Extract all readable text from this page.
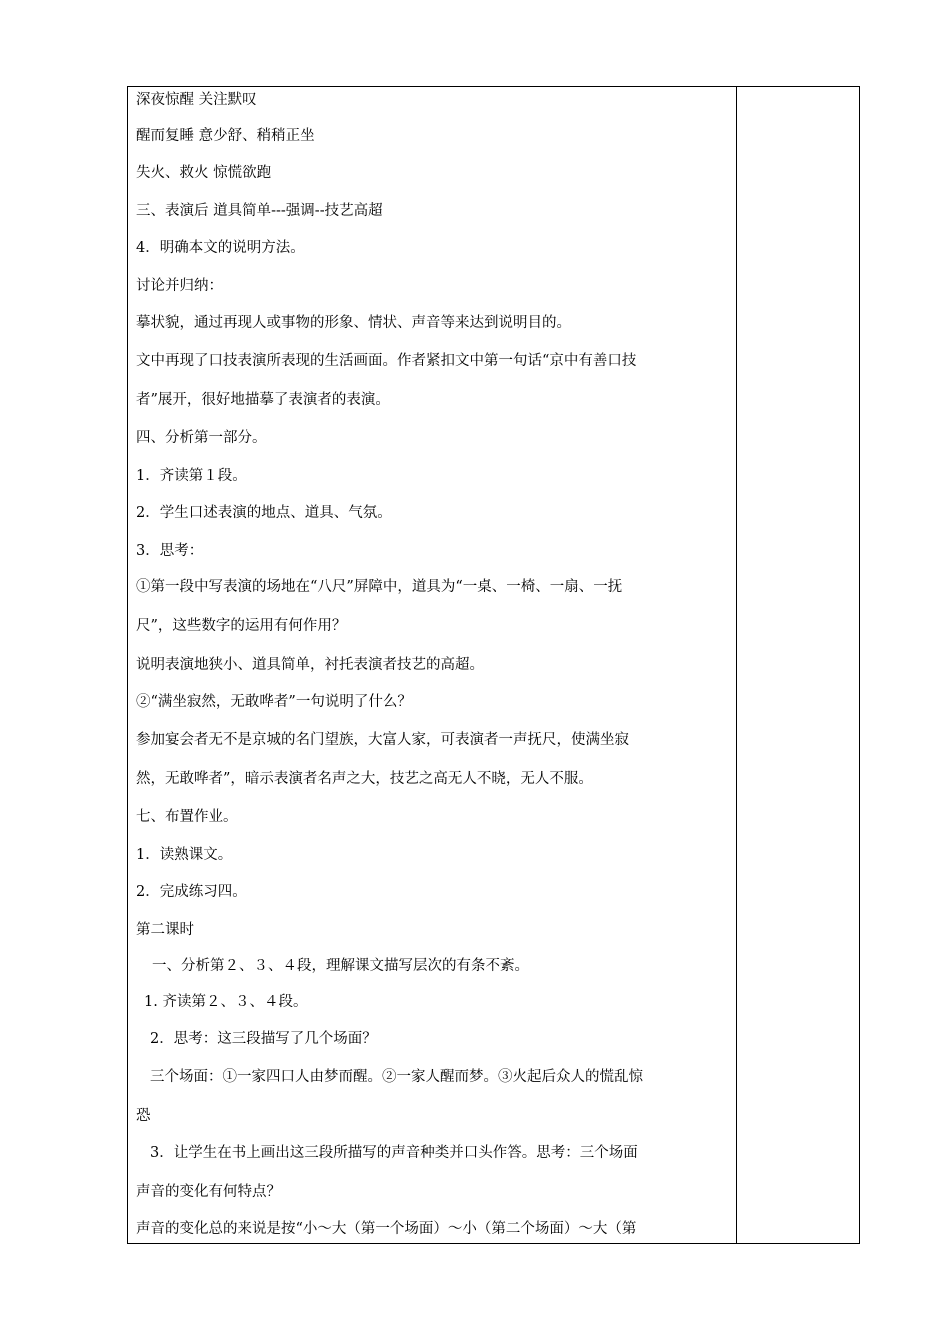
深夜惊醒 关注默叹
醒而复睡 意少舒、稍稍正坐
失火、救火 惊慌欲跑
三、表演后 道具简单---强调--技艺高超
4．明确本文的说明方法。
讨论并归纳：
摹状貌，通过再现人或事物的形象、情状、声音等来达到说明目的。
文中再现了口技表演所表现的生活画面。作者紧扣文中第一句话“京中有善口技
者”展开，很好地描摹了表演者的表演。
四、分析第一部分。
1．齐读第１段。
2．学生口述表演的地点、道具、气氛。
3．思考：
①第一段中写表演的场地在“八尺”屏障中，道具为“一桌、一椅、一扇、一抚
尺”，这些数字的运用有何作用？
说明表演地狭小、道具简单，衬托表演者技艺的高超。
②“满坐寂然，无敢哗者”一句说明了什么？
参加宴会者无不是京城的名门望族，大富人家，可表演者一声抚尺，使满坐寂
然，无敢哗者”，暗示表演者名声之大，技艺之高无人不晓，无人不服。
七、布置作业。
1．读熟课文。
2．完成练习四。
第二课时
一、分析第２、３、４段，理解课文描写层次的有条不紊。
1. 齐读第２、３、４段。
2．思考：这三段描写了几个场面？
三个场面：①一家四口人由梦而醒。②一家人醒而梦。③火起后众人的慌乱惊
恐
3．让学生在书上画出这三段所描写的声音种类并口头作答。思考：三个场面
声音的变化有何特点？
声音的变化总的来说是按“小～大（第一个场面）～小（第二个场面）～大（第
